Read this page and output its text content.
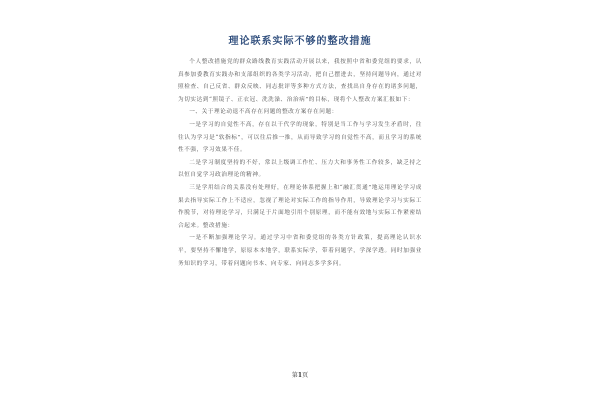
理论联系实际不够的整改措施

个人整改措施党的群众路线教育实践活动开展以来，我按照中省和委党组的要求，认真参加委教育实践办和支部组织的各类学习活动，把自己摆进去，坚持问题导向，通过对照检查、自己反省、群众反映、同志批评等多种方式方法，查找出自身存在的诸多问题，为切实达到“照镜子、正衣冠、洗洗澡、治治病”的目标，现将个人整改方案汇报如下：

一、关于理论动退不高存在问题的整改方案存在问题：

一是学习的自觉性不高，存在以干代学的现象，特别是当工作与学习发生矛盾时，往往认为学习是“软指标”，可以往后推一推，从而导致学习的自觉性不高，而且学习的系统性不强，学习效果不佳。

二是学习制度坚持的不好，常以上级调工作忙、压力大和事务性工作较多，缺乏持之以恒自觉学习政治理论的精神。

三是学用结合的关系没有处理好，在理论体系把握上和“融汇贯通”地运用理论学习成果去指导实际工作上不适应，忽视了理论对实际工作的指导作用，导致理论学习与实际工作脱节，对待理论学习，只满足于片面地引用个别原理，而不能有效地与实际工作紧密结合起来。整改措施：

一是不断加强理论学习。通过学习中省和委党组的各类方针政策，提高理论认识水平，要坚持不懈地学，原原本本地学，联系实际学，带着问题学，学深学透。同时加强业务知识的学习，带着问题向书本、向专家、向同志多学多问。

第1页
